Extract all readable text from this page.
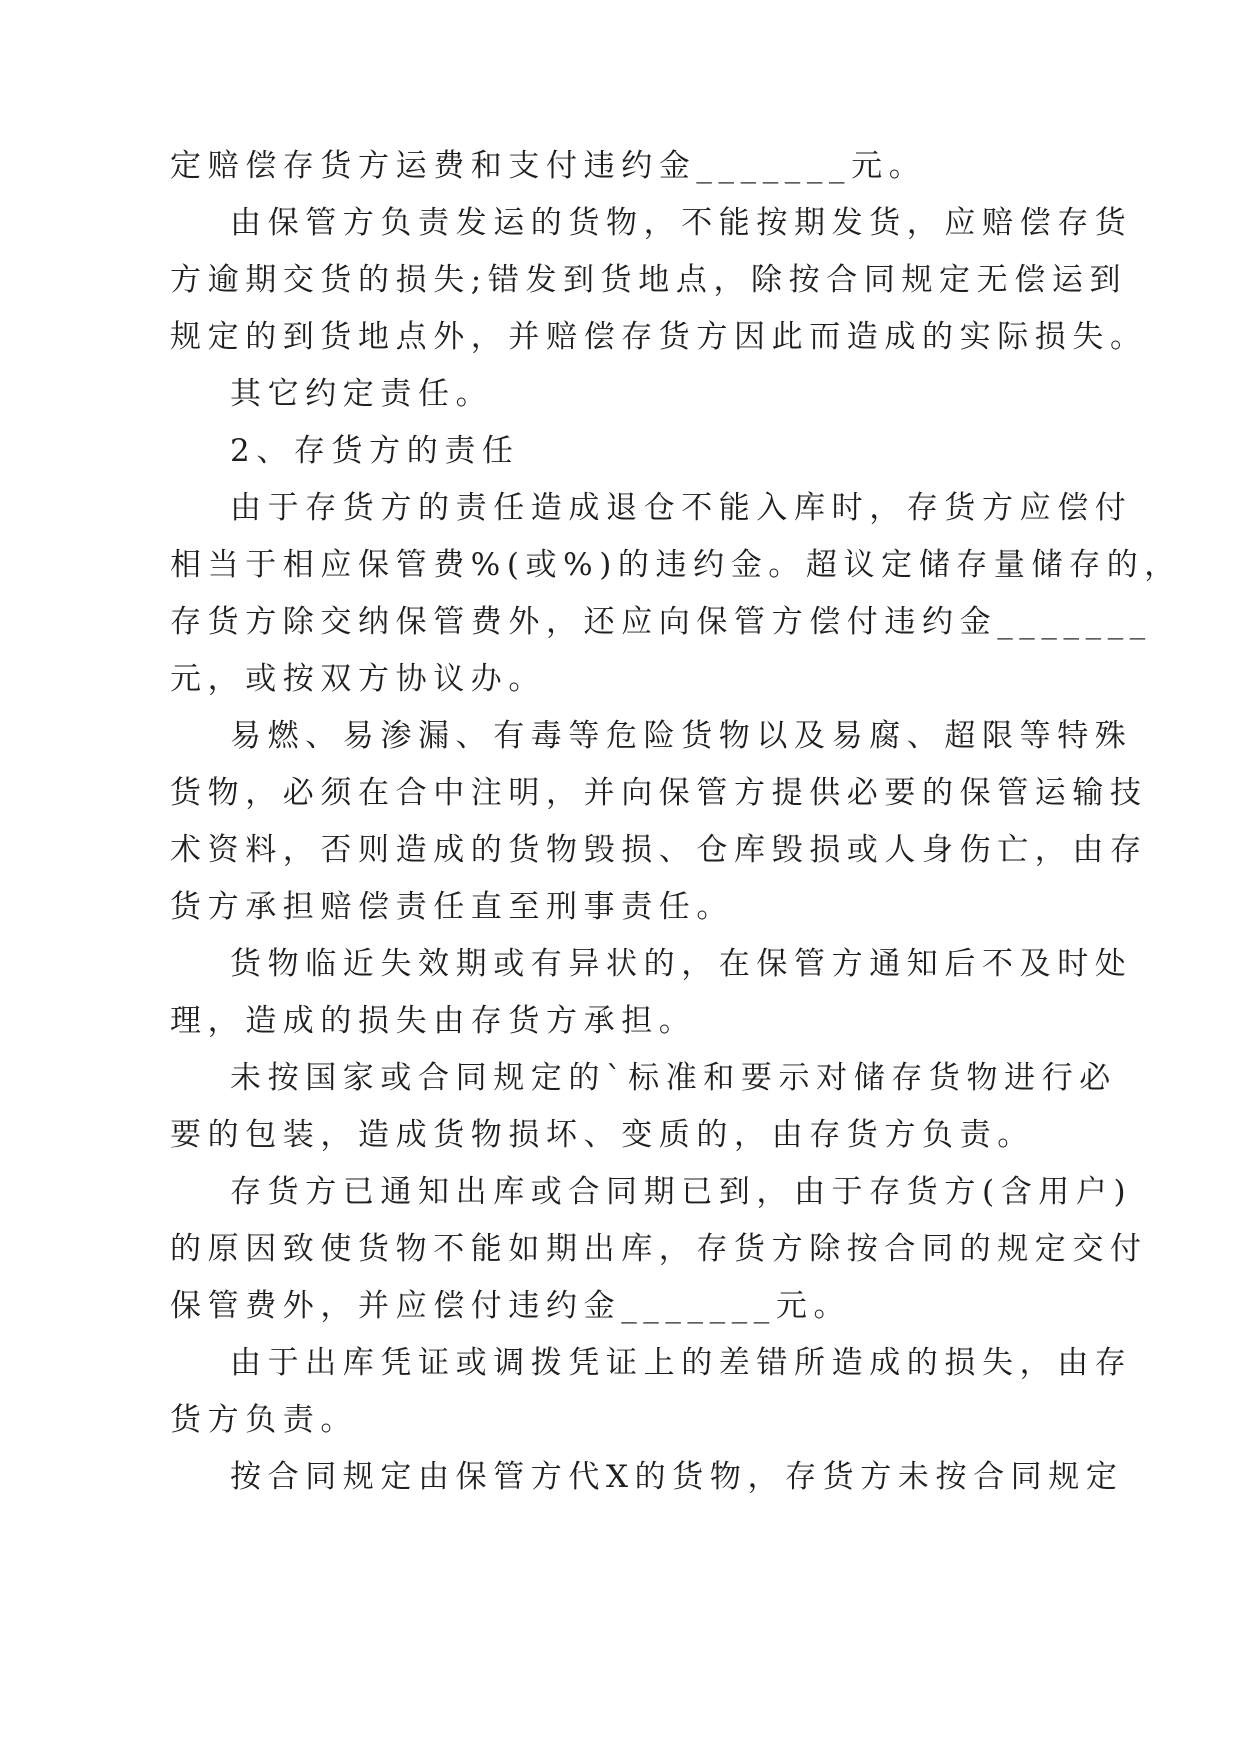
定赔偿存货方运费和支付违约金_______元。
由保管方负责发运的货物，不能按期发货，应赔偿存货
方逾期交货的损失;错发到货地点，除按合同规定无偿运到
规定的到货地点外，并赔偿存货方因此而造成的实际损失。
其它约定责任。
2、存货方的责任
由于存货方的责任造成退仓不能入库时，存货方应偿付
相当于相应保管费%(或%)的违约金。超议定储存量储存的，
存货方除交纳保管费外，还应向保管方偿付违约金_______
元，或按双方协议办。
易燃、易渗漏、有毒等危险货物以及易腐、超限等特殊
货物，必须在合中注明，并向保管方提供必要的保管运输技
术资料，否则造成的货物毁损、仓库毁损或人身伤亡，由存
货方承担赔偿责任直至刑事责任。
货物临近失效期或有异状的，在保管方通知后不及时处
理，造成的损失由存货方承担。
未按国家或合同规定的`标准和要示对储存货物进行必
要的包装，造成货物损坏、变质的，由存货方负责。
存货方已通知出库或合同期已到，由于存货方(含用户)
的原因致使货物不能如期出库，存货方除按合同的规定交付
保管费外，并应偿付违约金_______元。
由于出库凭证或调拨凭证上的差错所造成的损失，由存
货方负责。
按合同规定由保管方代X的货物，存货方未按合同规定
